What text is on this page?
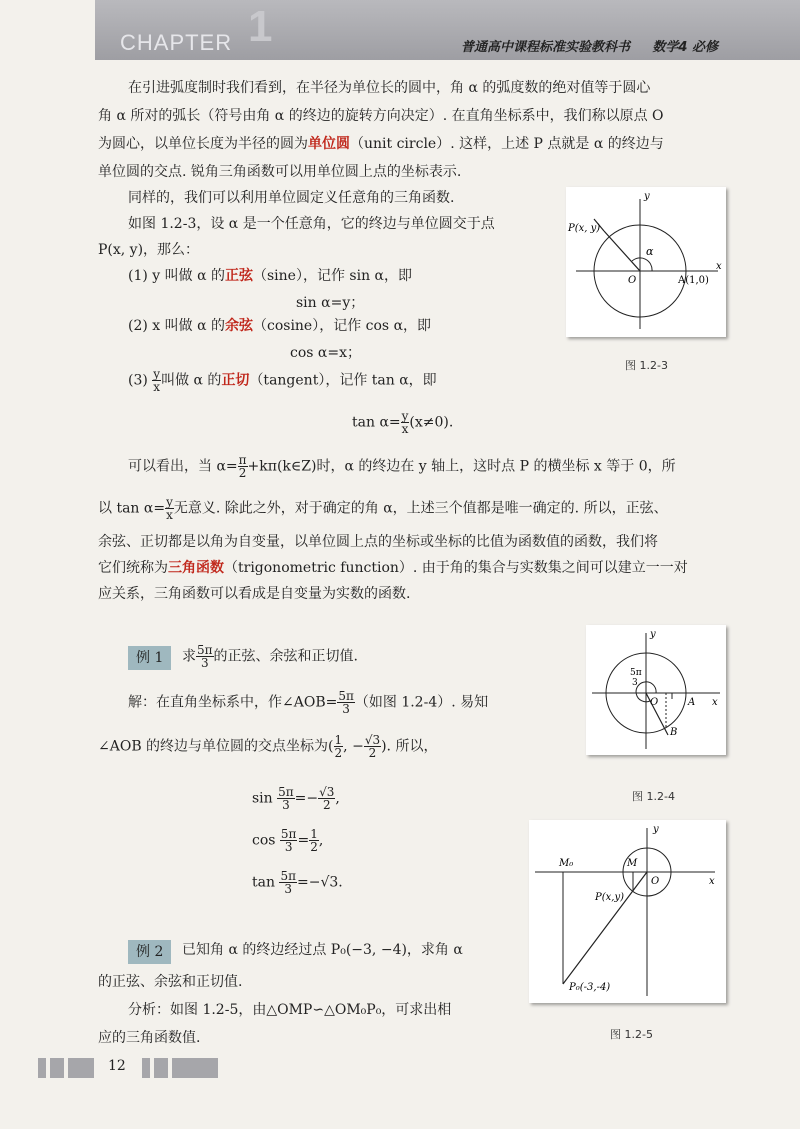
1
CHAPTER	普通高中课程标准实验教科书 数学4 必修
在引进弧度制时我们看到，在半径为单位长的圆中，角 α 的弧度数的绝对值等于圆心
角 α 所对的弧长（符号由角 α 的终边的旋转方向决定）. 在直角坐标系中，我们称以原点 O
为圆心，以单位长度为半径的圆为单位圆（unit circle）. 这样，上述 P 点就是 α 的终边与
单位圆的交点. 锐角三角函数可以用单位圆上点的坐标表示.
同样的，我们可以利用单位圆定义任意角的三角函数.
如图 1.2-3，设 α 是一个任意角，它的终边与单位圆交于点
P(x, y)，那么：
(1) y 叫做 α 的正弦（sine），记作 sin α，即
sin α=y；
(2) x 叫做 α 的余弦（cosine），记作 cos α，即
cos α=x；
$(3) \frac{y}{x}$ 叫做 α 的正切（tangent），记作 tan α，即
$\tan \alpha= \frac{y}{x} (x\ne 0)$.
可以看出，当 $\alpha= \frac{\pi}{2}$ +kπ(k∈Z)时，α 的终边在 y 轴上，这时点 P 的横坐标 x 等于 0，所
以 $\tan \alpha= \frac{y}{x}$ 无意义. 除此之外，对于确定的角 α，上述三个值都是唯一确定的. 所以，正弦、
余弦、正切都是以角为自变量，以单位圆上点的坐标或坐标的比值为函数值的函数，我们将
它们统称为三角函数（trigonometric function）. 由于角的集合与实数集之间可以建立一一对
应关系，三角函数可以看成是自变量为实数的函数.
例 1	求 $\frac{5\pi}{3}$ 的正弦、余弦和正切值.
解：在直角坐标系中，作∠AOB= $\frac{5\pi}{3}$ （如图 1.2-4）. 易知
∠AOB 的终边与单位圆的交点坐标为( $\frac{1}{2}$ , − $\frac{√3}{2}$ ). 所以，
$\sin \frac{5\pi}{3} =- \frac{√3}{2}$ ,
$\cos \frac{5\pi}{3} = \frac{1}{2}$ ,
$\tan \frac{5\pi}{3} =-√3$.
例 2	已知角 α 的终边经过点 P₀(−3, −4)，求角 α
的正弦、余弦和正切值.
分析：如图 1.2-5，由△OMP∽△OM₀P₀，可求出相
应的三角函数值.
y
x
P(x, y)
α
O	A(1,0)
图 1.2-3
y
x
5π
3
O	A
B
图 1.2-4
y
x
M₀	M
O
P(x,y)
P₀(-3,-4)
图 1.2-5
12
